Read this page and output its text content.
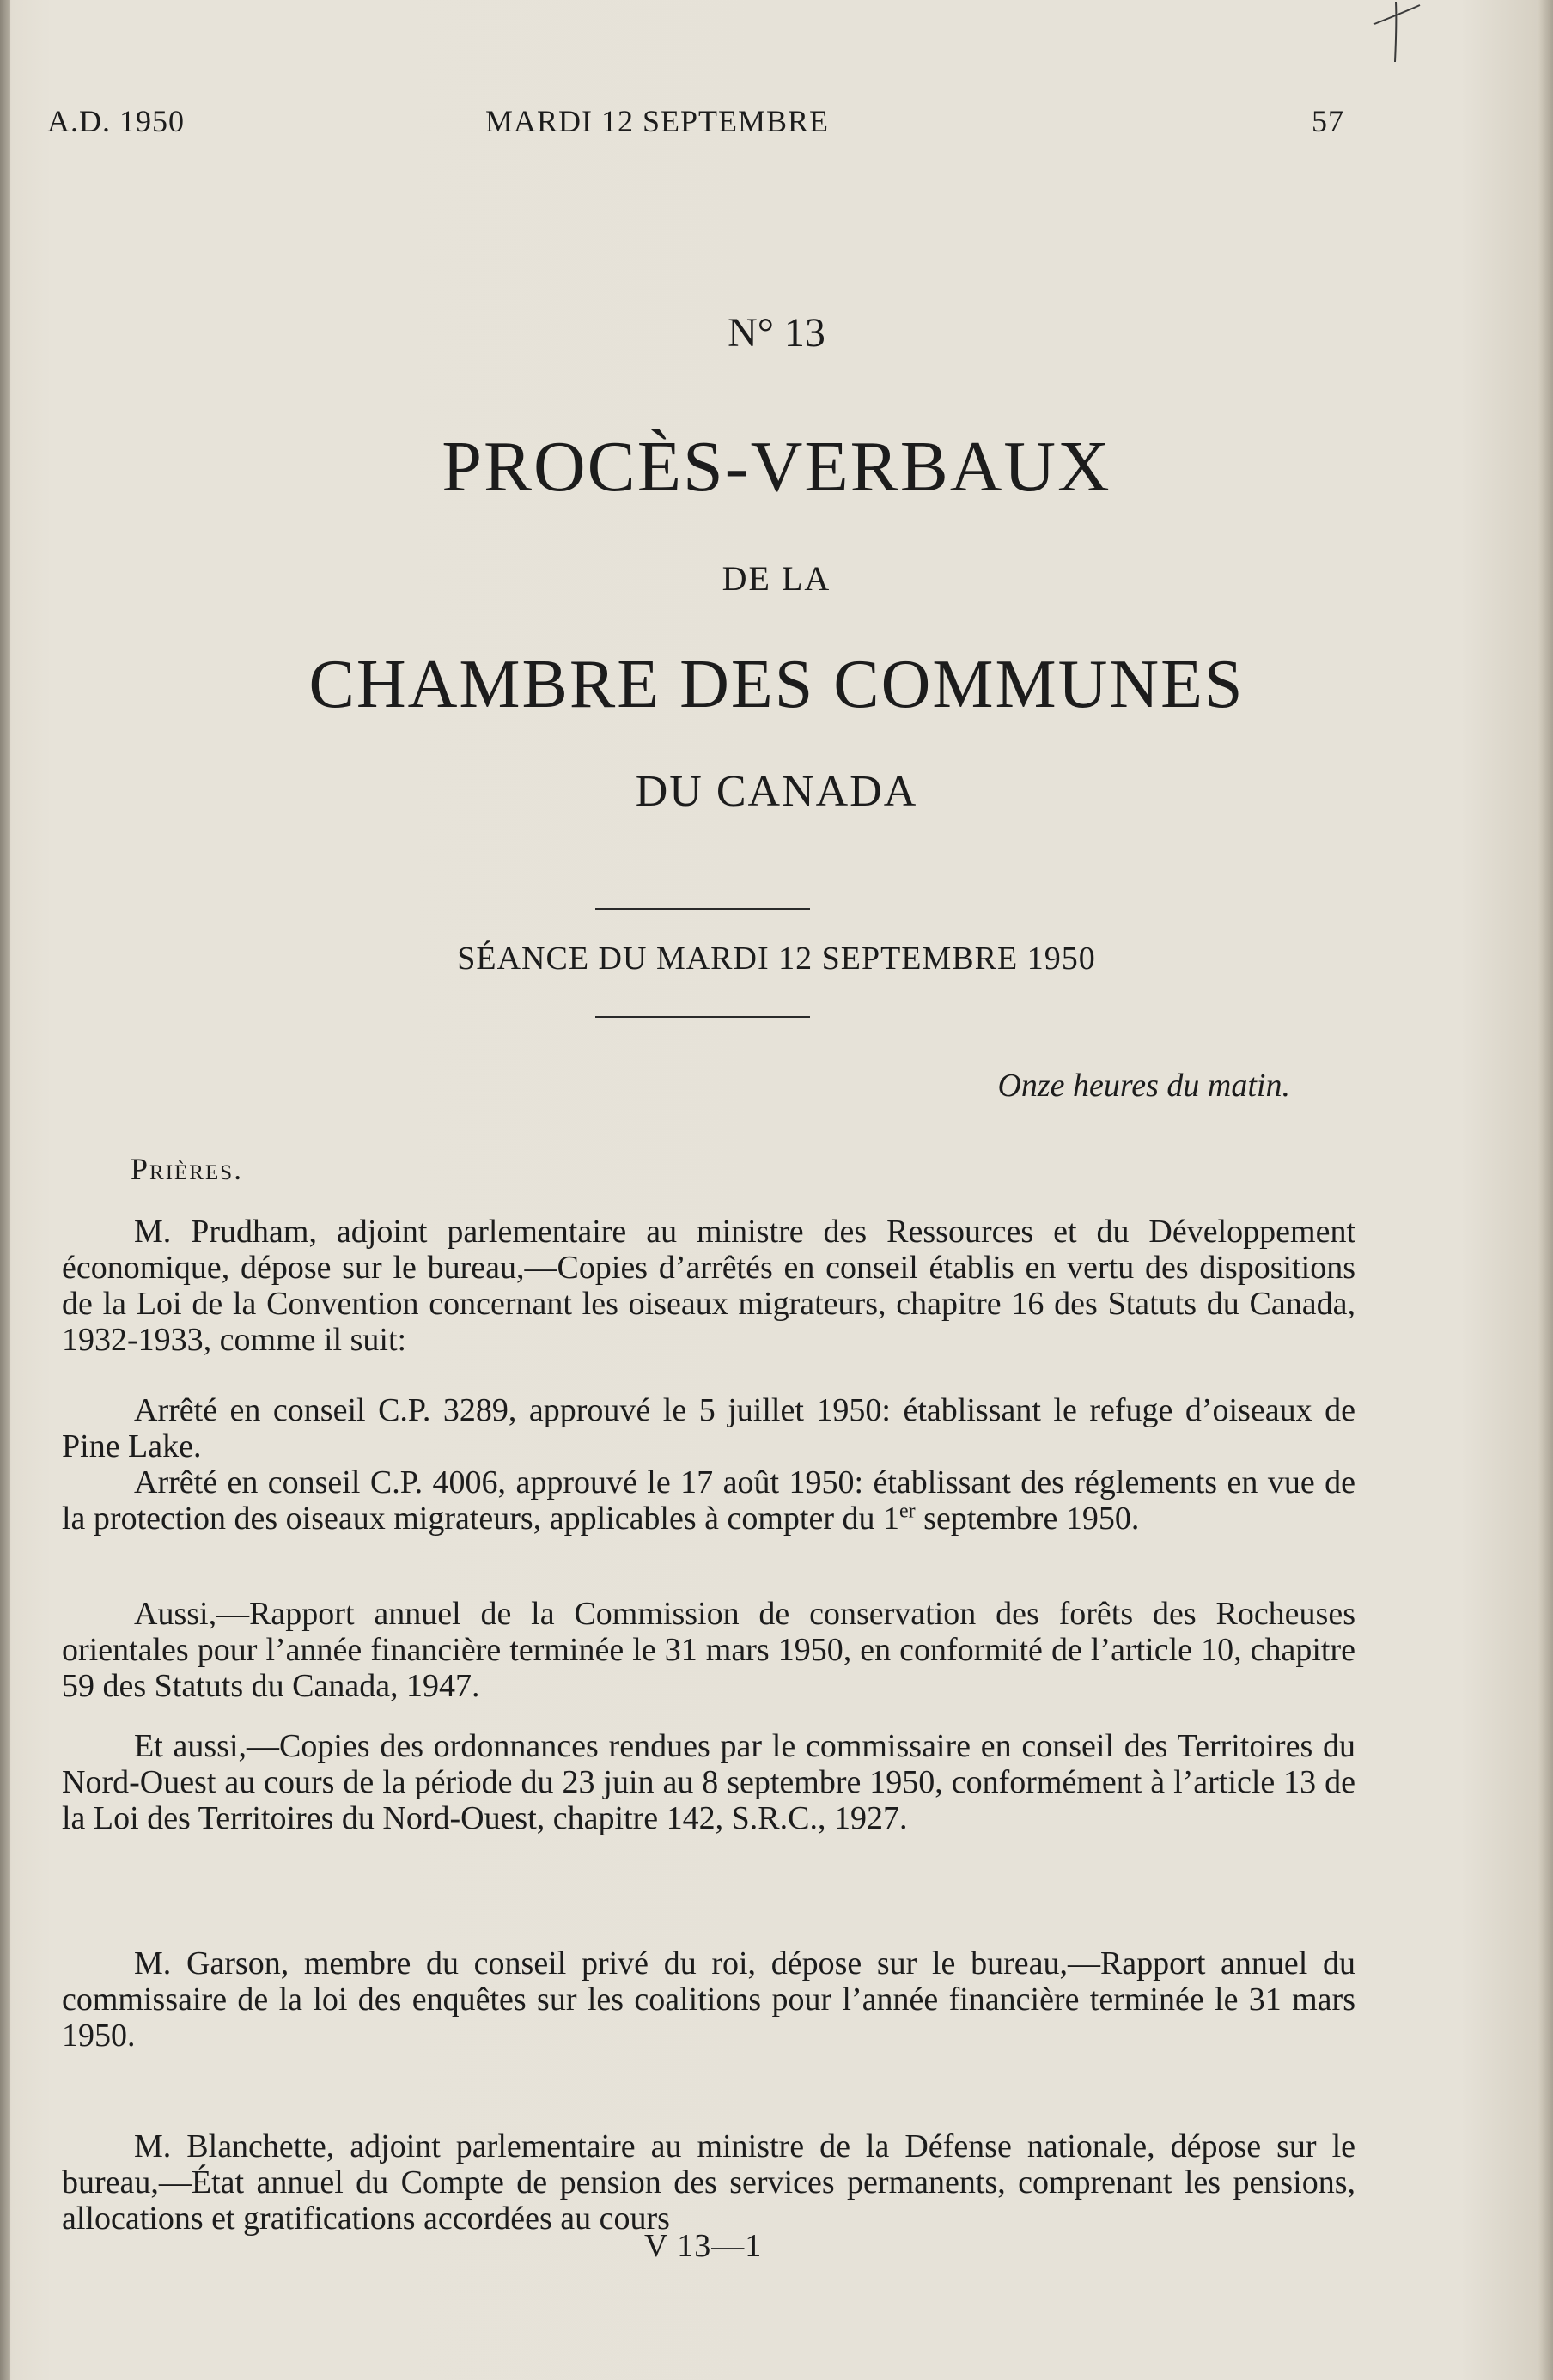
A.D. 1950	MARDI 12 SEPTEMBRE	57
N° 13
PROCÈS-VERBAUX
DE LA
CHAMBRE DES COMMUNES
DU CANADA
SÉANCE DU MARDI 12 SEPTEMBRE 1950
Onze heures du matin.
Prières.

M. Prudham, adjoint parlementaire au ministre des Ressources et du Développement économique, dépose sur le bureau,—Copies d’arrêtés en conseil établis en vertu des dispositions de la Loi de la Convention concernant les oiseaux migrateurs, chapitre 16 des Statuts du Canada, 1932-1933, comme il suit:

Arrêté en conseil C.P. 3289, approuvé le 5 juillet 1950: établissant le refuge d’oiseaux de Pine Lake.

Arrêté en conseil C.P. 4006, approuvé le 17 août 1950: établissant des réglements en vue de la protection des oiseaux migrateurs, applicables à compter du 1er septembre 1950.

Aussi,—Rapport annuel de la Commission de conservation des forêts des Rocheuses orientales pour l’année financière terminée le 31 mars 1950, en conformité de l’article 10, chapitre 59 des Statuts du Canada, 1947.

Et aussi,—Copies des ordonnances rendues par le commissaire en conseil des Territoires du Nord-Ouest au cours de la période du 23 juin au 8 septembre 1950, conformément à l’article 13 de la Loi des Territoires du Nord-Ouest, chapitre 142, S.R.C., 1927.

M. Garson, membre du conseil privé du roi, dépose sur le bureau,—Rapport annuel du commissaire de la loi des enquêtes sur les coalitions pour l’année financière terminée le 31 mars 1950.

M. Blanchette, adjoint parlementaire au ministre de la Défense nationale, dépose sur le bureau,—État annuel du Compte de pension des services permanents, comprenant les pensions, allocations et gratifications accordées au cours

V 13—1
